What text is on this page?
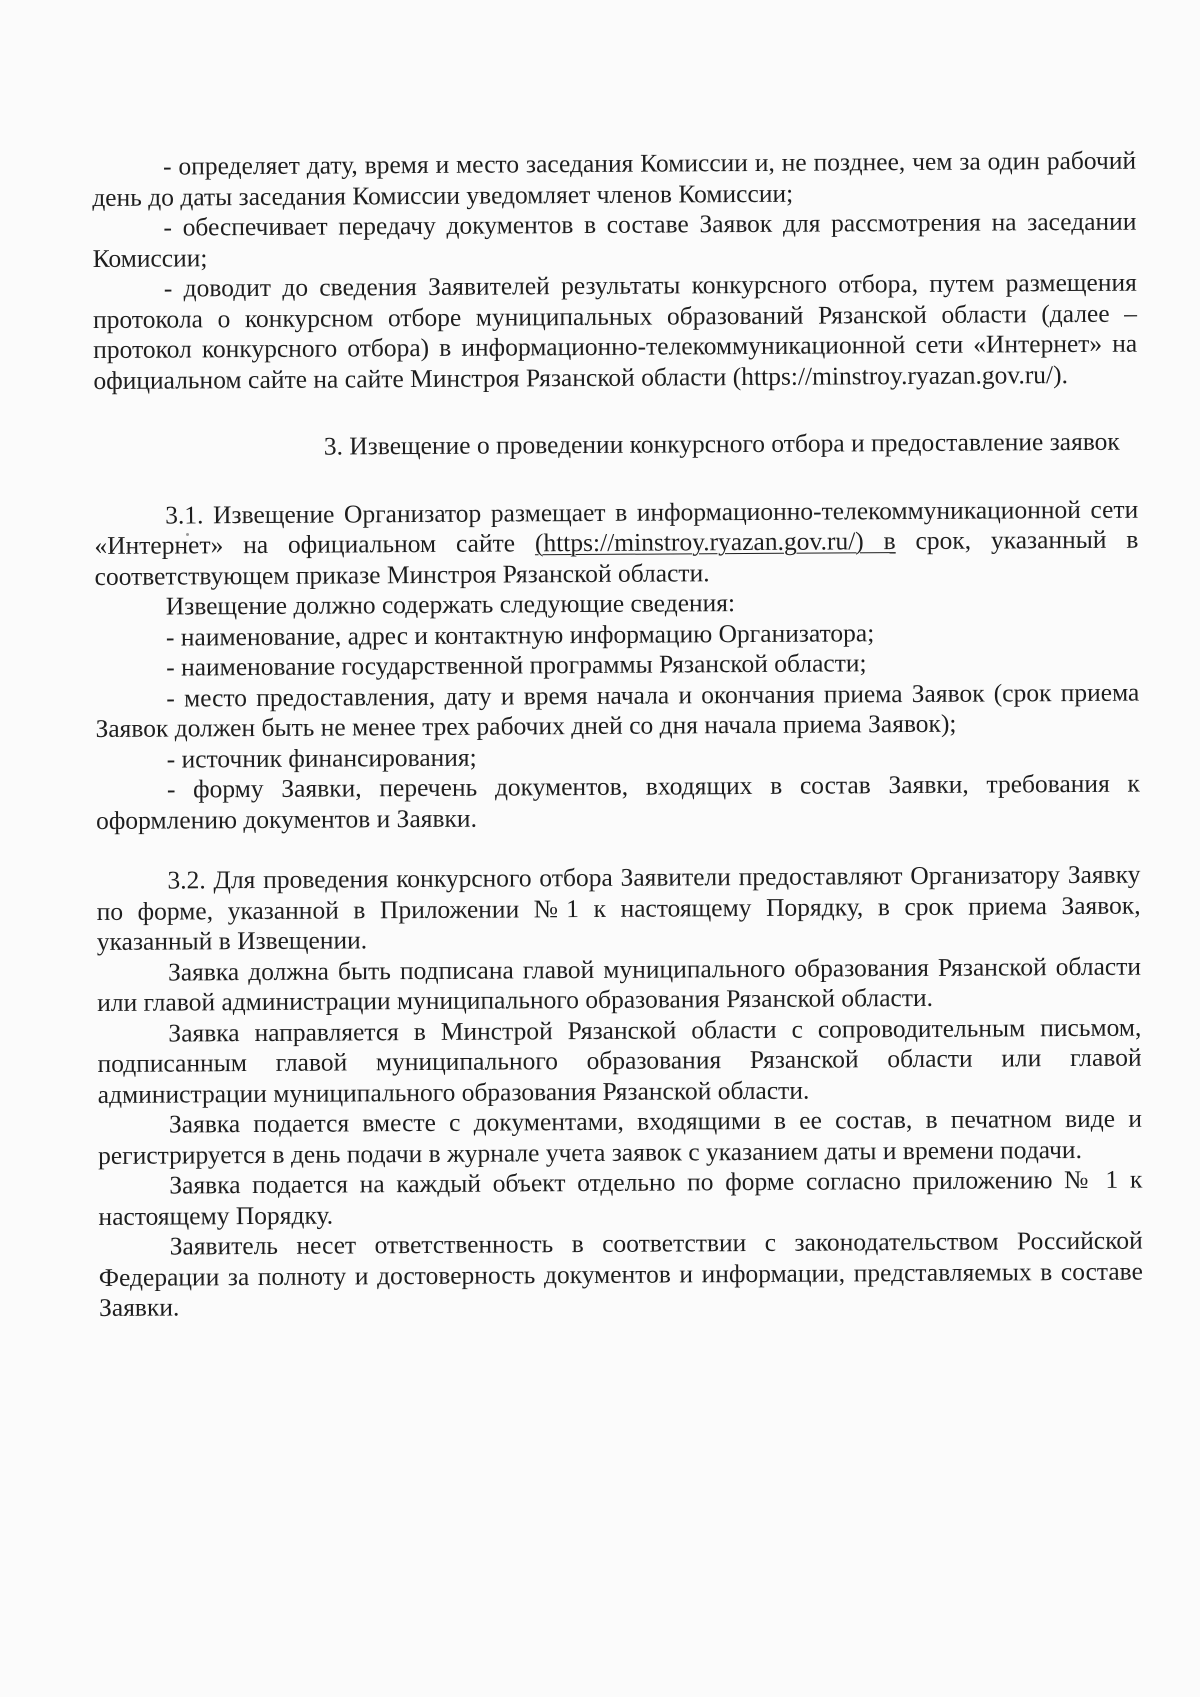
- определяет дату, время и место заседания Комиссии и, не позднее, чем за один рабочий день до даты заседания Комиссии уведомляет членов Комиссии;

- обеспечивает передачу документов в составе Заявок для рассмотрения на заседании Комиссии;

- доводит до сведения Заявителей результаты конкурсного отбора, путем размещения протокола о конкурсном отборе муниципальных образований Рязанской области (далее – протокол конкурсного отбора) в информационно-телекоммуникационной сети «Интернет» на официальном сайте на сайте Минстроя Рязанской области (https://minstroy.ryazan.gov.ru/).

3. Извещение о проведении конкурсного отбора и предоставление заявок

3.1. Извещение Организатор размещает в информационно-телекоммуникационной сети «Интернет» на официальном сайте (https://minstroy.ryazan.gov.ru/) в срок, указанный в соответствующем приказе Минстроя Рязанской области.

Извещение должно содержать следующие сведения:

- наименование, адрес и контактную информацию Организатора;

- наименование государственной программы Рязанской области;

- место предоставления, дату и время начала и окончания приема Заявок (срок приема Заявок должен быть не менее трех рабочих дней со дня начала приема Заявок);

- источник финансирования;

- форму Заявки, перечень документов, входящих в состав Заявки, требования к оформлению документов и Заявки.

3.2. Для проведения конкурсного отбора Заявители предоставляют Организатору Заявку по форме, указанной в Приложении №1 к настоящему Порядку, в срок приема Заявок, указанный в Извещении.

Заявка должна быть подписана главой муниципального образования Рязанской области или главой администрации муниципального образования Рязанской области.

Заявка направляется в Минстрой Рязанской области с сопроводительным письмом, подписанным главой муниципального образования Рязанской области или главой администрации муниципального образования Рязанской области.

Заявка подается вместе с документами, входящими в ее состав, в печатном виде и регистрируется в день подачи в журнале учета заявок с указанием даты и времени подачи.

Заявка подается на каждый объект отдельно по форме согласно приложению № 1 к настоящему Порядку.

Заявитель несет ответственность в соответствии с законодательством Российской Федерации за полноту и достоверность документов и информации, представляемых в составе Заявки.
